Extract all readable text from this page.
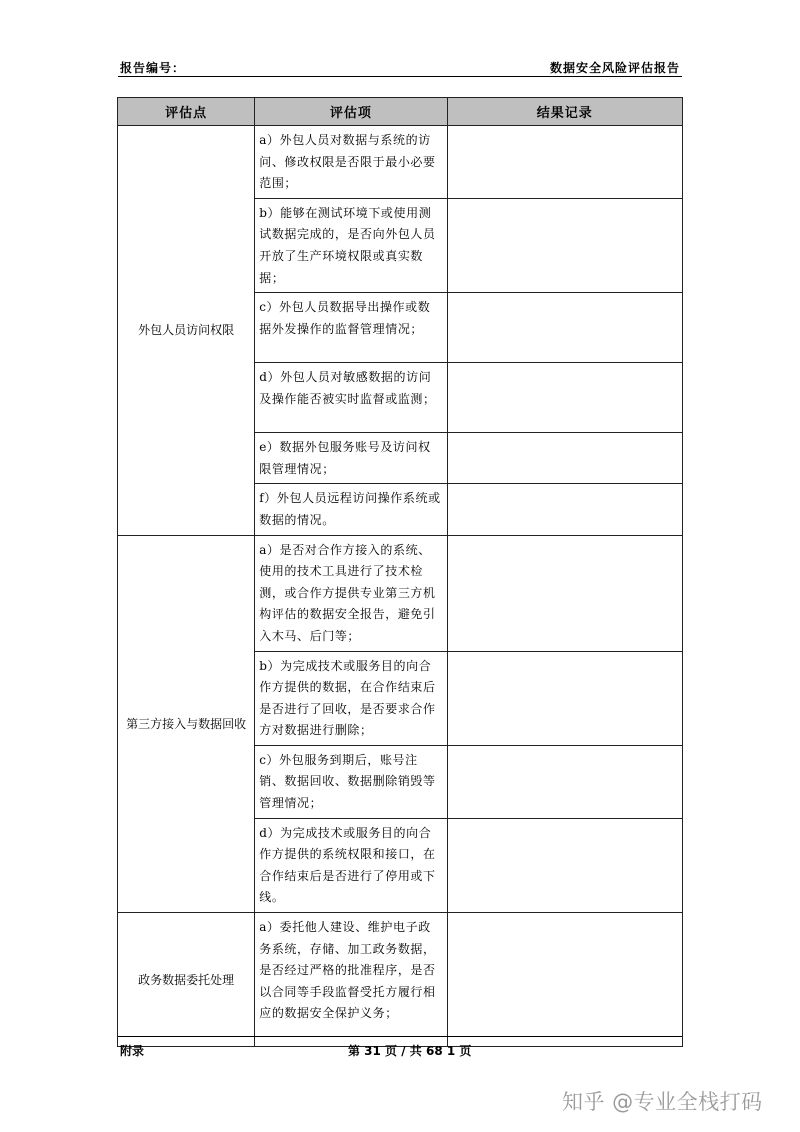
报告编号：	数据安全风险评估报告
评估点	评估项	结果记录
外包人员访问权限	a）外包人员对数据与系统的访问、修改权限是否限于最小必要范围；	
	b）能够在测试环境下或使用测试数据完成的，是否向外包人员开放了生产环境权限或真实数据；	
	c）外包人员数据导出操作或数据外发操作的监督管理情况；	
	d）外包人员对敏感数据的访问及操作能否被实时监督或监测；	
	e）数据外包服务账号及访问权限管理情况；	
	f）外包人员远程访问操作系统或数据的情况。	
第三方接入与数据回收	a）是否对合作方接入的系统、使用的技术工具进行了技术检测，或合作方提供专业第三方机构评估的数据安全报告，避免引入木马、后门等；	
	b）为完成技术或服务目的向合作方提供的数据，在合作结束后是否进行了回收，是否要求合作方对数据进行删除；	
	c）外包服务到期后，账号注销、数据回收、数据删除销毁等管理情况；	
	d）为完成技术或服务目的向合作方提供的系统权限和接口，在合作结束后是否进行了停用或下线。	
政务数据委托处理	a）委托他人建设、维护电子政务系统，存储、加工政务数据，是否经过严格的批准程序，是否以合同等手段监督受托方履行相应的数据安全保护义务；	
附录	第 31 页 / 共 68 1 页
知乎 @专业全栈打码
